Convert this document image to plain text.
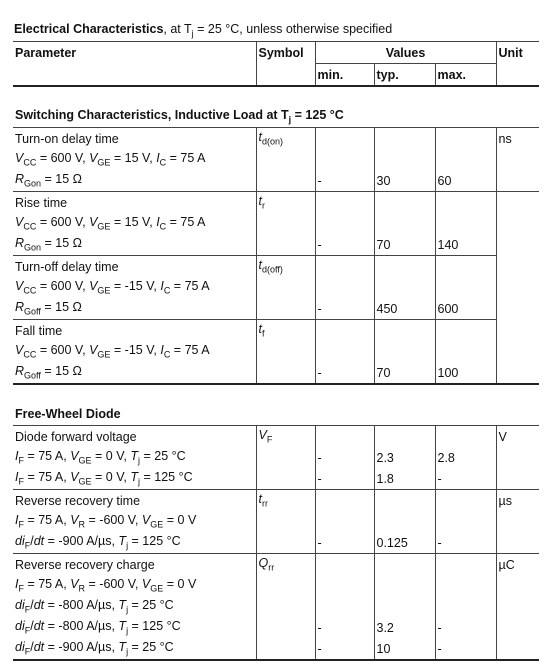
Electrical Characteristics, at $T_j = 25$ °C, unless otherwise specified
Parameter	Symbol	Values			Unit
		min.	typ.	max.	

Switching Characteristics, Inductive Load at $T_j = 125$ °C					
Turn-on delay time	$t_{d(on)}$				ns
$V_{CC} = 600$ V, $V_{GE} = 15$ V, $I_C = 75$ A					
$R_{Gon} = 15$ Ω		-	30	60	
Rise time	$t_r$				
$V_{CC} = 600$ V, $V_{GE} = 15$ V, $I_C = 75$ A					
$R_{Gon} = 15$ Ω		-	70	140	
Turn-off delay time	$t_{d(off)}$				
$V_{CC} = 600$ V, $V_{GE} = -15$ V, $I_C = 75$ A					
$R_{Goff} = 15$ Ω		-	450	600	
Fall time	$t_f$				
$V_{CC} = 600$ V, $V_{GE} = -15$ V, $I_C = 75$ A					
$R_{Goff} = 15$ Ω		-	70	100	

Free-Wheel Diode					
Diode forward voltage	$V_F$				V
$I_F = 75$ A, $V_{GE} = 0$ V, $T_j = 25$ °C		-	2.3	2.8	
$I_F = 75$ A, $V_{GE} = 0$ V, $T_j = 125$ °C		-	1.8	-	
Reverse recovery time	$t_{rr}$				µs
$I_F = 75$ A, $V_R = -600$ V, $V_{GE} = 0$ V					
$di_F/dt = -900$ A/µs, $T_j = 125$ °C		-	0.125	-	
Reverse recovery charge	$Q_{rr}$				µC
$I_F = 75$ A, $V_R = -600$ V, $V_{GE} = 0$ V					
$di_F/dt = -800$ A/µs, $T_j = 25$ °C					
$di_F/dt = -800$ A/µs, $T_j = 125$ °C		-	3.2	-	
$di_F/dt = -900$ A/µs, $T_j = 25$ °C		-	10	-	
